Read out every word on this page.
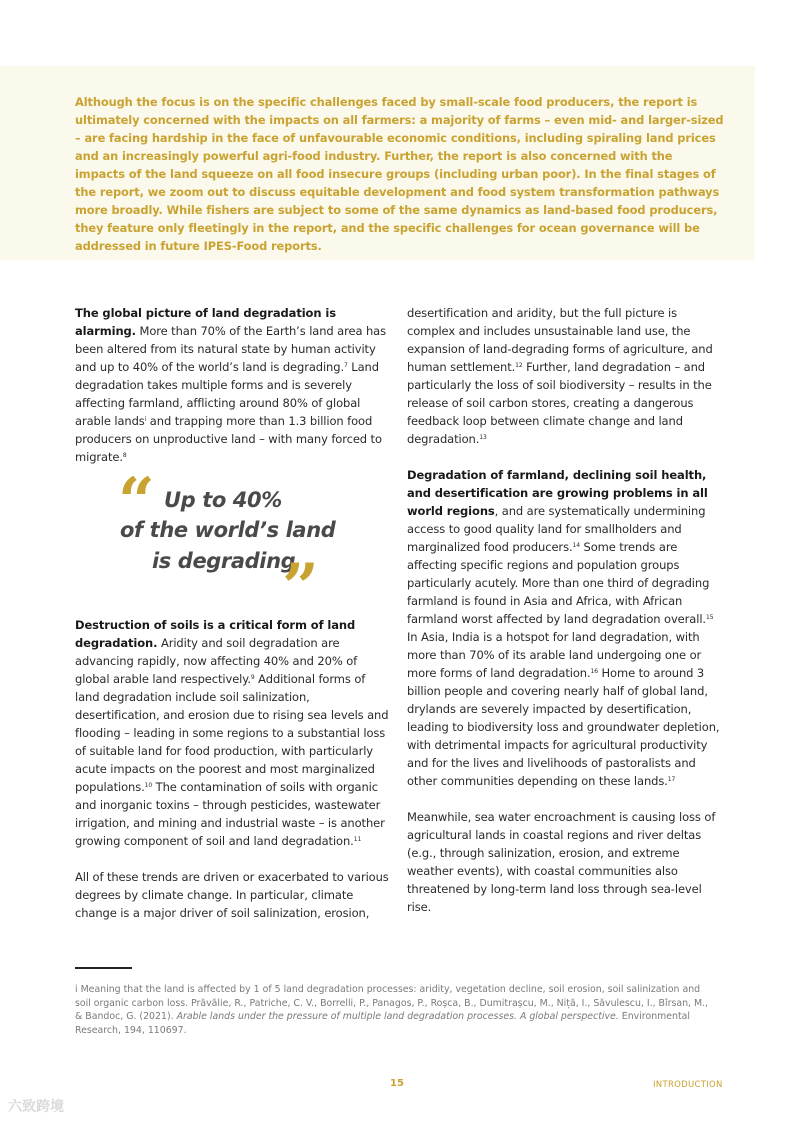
Although the focus is on the specific challenges faced by small-scale food producers, the report is ultimately concerned with the impacts on all farmers: a majority of farms – even mid- and larger-sized – are facing hardship in the face of unfavourable economic conditions, including spiraling land prices and an increasingly powerful agri-food industry. Further, the report is also concerned with the impacts of the land squeeze on all food insecure groups (including urban poor). In the final stages of the report, we zoom out to discuss equitable development and food system transformation pathways more broadly. While fishers are subject to some of the same dynamics as land-based food producers, they feature only fleetingly in the report, and the specific challenges for ocean governance will be addressed in future IPES-Food reports.

The global picture of land degradation is alarming. More than 70% of the Earth’s land area has been altered from its natural state by human activity and up to 40% of the world’s land is degrading.$^7$ Land degradation takes multiple forms and is severely affecting farmland, afflicting around 80% of global arable lands$^i$ and trapping more than 1.3 billion food producers on unproductive land – with many forced to migrate.$^8$

Destruction of soils is a critical form of land degradation. Aridity and soil degradation are advancing rapidly, now affecting 40% and 20% of global arable land respectively.$^9$ Additional forms of land degradation include soil salinization, desertification, and erosion due to rising sea levels and flooding – leading in some regions to a substantial loss of suitable land for food production, with particularly acute impacts on the poorest and most marginalized populations.$^{10}$ The contamination of soils with organic and inorganic toxins – through pesticides, wastewater irrigation, and mining and industrial waste – is another growing component of soil and land degradation.$^{11}$

All of these trends are driven or exacerbated to various degrees by climate change. In particular, climate change is a major driver of soil salinization, erosion,

“ Up to 40%
of the world’s land
is degrading
”

desertification and aridity, but the full picture is complex and includes unsustainable land use, the expansion of land-degrading forms of agriculture, and human settlement.$^{12}$ Further, land degradation – and particularly the loss of soil biodiversity – results in the release of soil carbon stores, creating a dangerous feedback loop between climate change and land degradation.$^{13}$

Degradation of farmland, declining soil health, and desertification are growing problems in all world regions, and are systematically undermining access to good quality land for smallholders and marginalized food producers.$^{14}$ Some trends are affecting specific regions and population groups particularly acutely. More than one third of degrading farmland is found in Asia and Africa, with African farmland worst affected by land degradation overall.$^{15}$ In Asia, India is a hotspot for land degradation, with more than 70% of its arable land undergoing one or more forms of land degradation.$^{16}$ Home to around 3 billion people and covering nearly half of global land, drylands are severely impacted by desertification, leading to biodiversity loss and groundwater depletion, with detrimental impacts for agricultural productivity and for the lives and livelihoods of pastoralists and other communities depending on these lands.$^{17}$

Meanwhile, sea water encroachment is causing loss of agricultural lands in coastal regions and river deltas (e.g., through salinization, erosion, and extreme weather events), with coastal communities also threatened by long-term land loss through sea-level rise.

i Meaning that the land is affected by 1 of 5 land degradation processes: aridity, vegetation decline, soil erosion, soil salinization and soil organic carbon loss. Prăvălie, R., Patriche, C. V., Borrelli, P., Panagos, P., Roșca, B., Dumitrașcu, M., Niță, I., Săvulescu, I., Bîrsan, M., & Bandoc, G. (2021). Arable lands under the pressure of multiple land degradation processes. A global perspective. Environmental Research, 194, 110697.

15	INTRODUCTION
六致跨境
